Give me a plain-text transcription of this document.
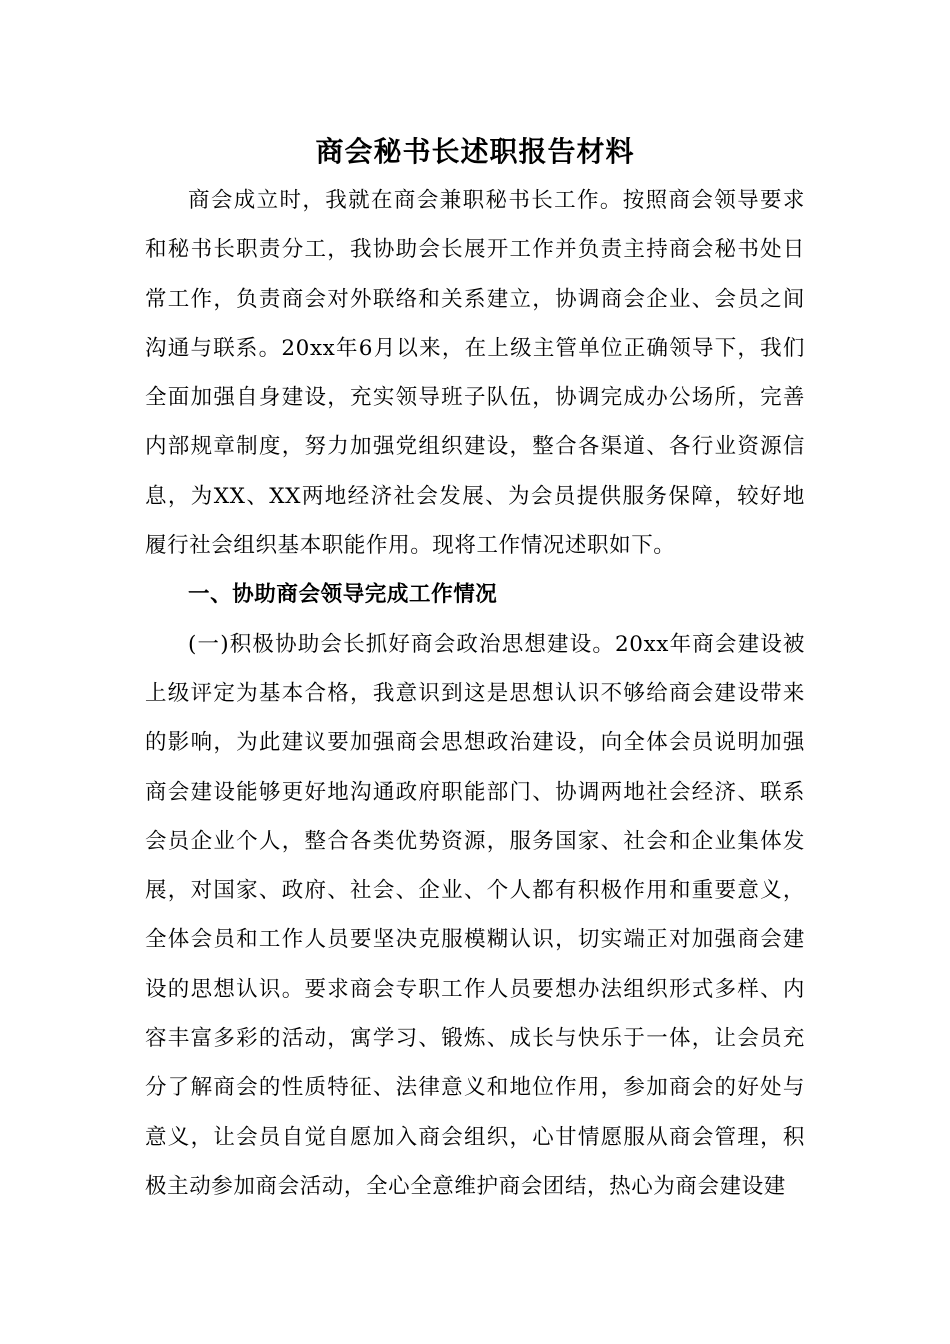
商会秘书长述职报告材料

商会成立时，我就在商会兼职秘书长工作。按照商会领导要求和秘书长职责分工，我协助会长展开工作并负责主持商会秘书处日常工作，负责商会对外联络和关系建立，协调商会企业、会员之间沟通与联系。20xx年6月以来，在上级主管单位正确领导下，我们全面加强自身建设，充实领导班子队伍，协调完成办公场所，完善内部规章制度，努力加强党组织建设，整合各渠道、各行业资源信息，为XX、XX两地经济社会发展、为会员提供服务保障，较好地履行社会组织基本职能作用。现将工作情况述职如下。

一、协助商会领导完成工作情况

(一)积极协助会长抓好商会政治思想建设。20xx年商会建设被上级评定为基本合格，我意识到这是思想认识不够给商会建设带来的影响，为此建议要加强商会思想政治建设，向全体会员说明加强商会建设能够更好地沟通政府职能部门、协调两地社会经济、联系会员企业个人，整合各类优势资源，服务国家、社会和企业集体发展，对国家、政府、社会、企业、个人都有积极作用和重要意义，全体会员和工作人员要坚决克服模糊认识，切实端正对加强商会建设的思想认识。要求商会专职工作人员要想办法组织形式多样、内容丰富多彩的活动，寓学习、锻炼、成长与快乐于一体，让会员充分了解商会的性质特征、法律意义和地位作用，参加商会的好处与意义，让会员自觉自愿加入商会组织，心甘情愿服从商会管理，积极主动参加商会活动，全心全意维护商会团结，热心为商会建设建
